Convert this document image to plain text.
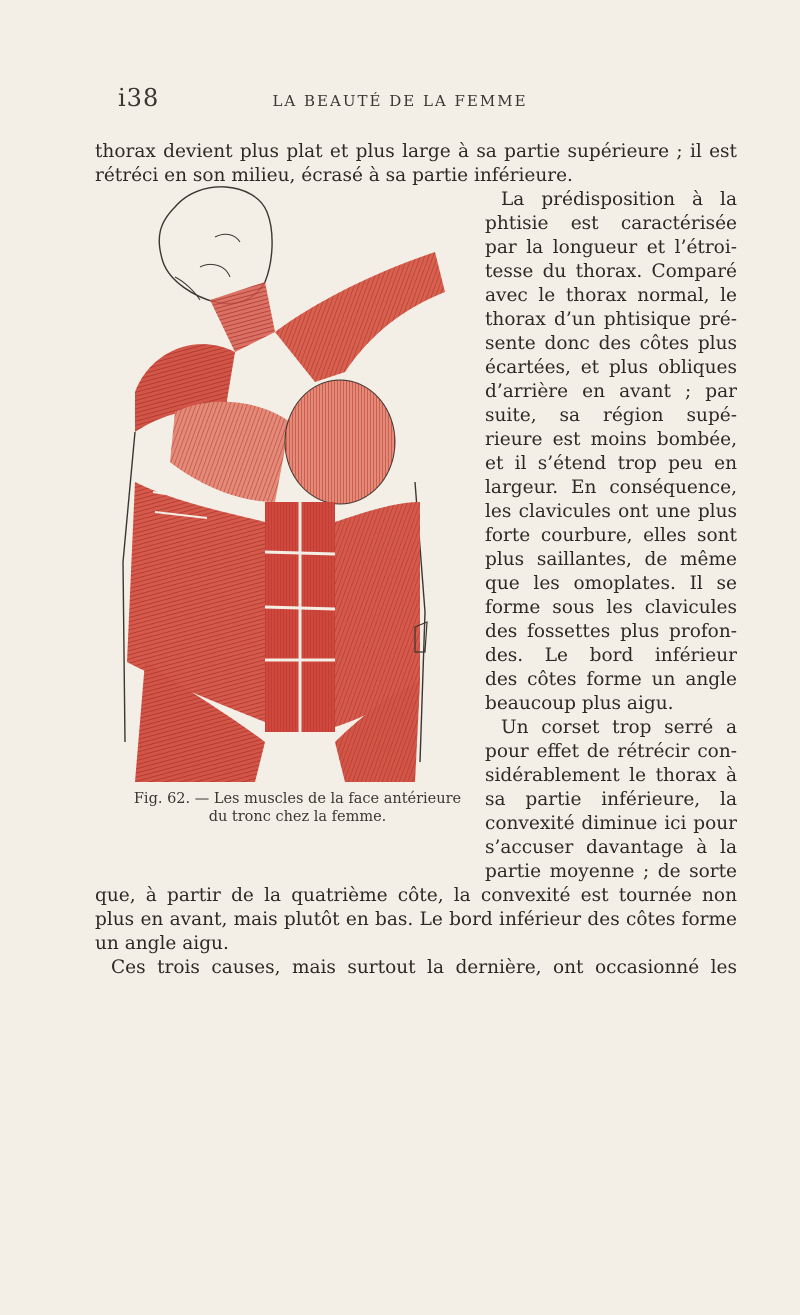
i38	LA BEAUTÉ DE LA FEMME
thorax devient plus plat et plus large à sa partie supérieure ; il est
rétréci en son milieu, écrasé à sa partie inférieure.
Fig. 62. — Les muscles de la face antérieure
du tronc chez la femme.
La prédisposition à la
phtisie est caractérisée
par la longueur et l’étroi-
tesse du thorax. Comparé
avec le thorax normal, le
thorax d’un phtisique pré-
sente donc des côtes plus
écartées, et plus obliques
d’arrière en avant ; par
suite, sa région supé-
rieure est moins bombée,
et il s’étend trop peu en
largeur. En conséquence,
les clavicules ont une plus
forte courbure, elles sont
plus saillantes, de même
que les omoplates. Il se
forme sous les clavicules
des fossettes plus profon-
des. Le bord inférieur
des côtes forme un angle
beaucoup plus aigu.
Un corset trop serré a
pour effet de rétrécir con-
sidérablement le thorax à
sa partie inférieure, la
convexité diminue ici pour
s’accuser davantage à la
partie moyenne ; de sorte
que, à partir de la quatrième côte, la convexité est tournée non
plus en avant, mais plutôt en bas. Le bord inférieur des côtes forme
un angle aigu.
Ces trois causes, mais surtout la dernière, ont occasionné les
